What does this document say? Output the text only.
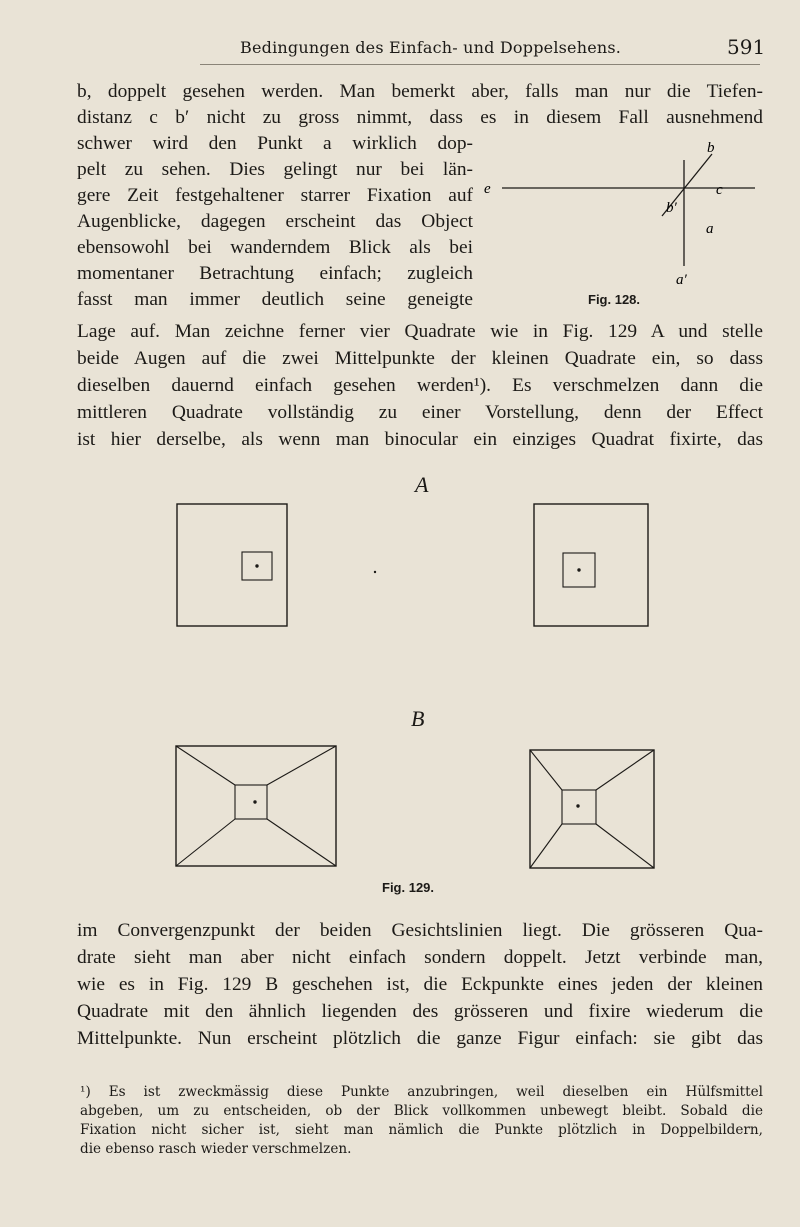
Bedingungen des Einfach- und Doppelsehens.	591
b, doppelt gesehen werden. Man bemerkt aber, falls man nur die Tiefen-
distanz c b′ nicht zu gross nimmt, dass es in diesem Fall ausnehmend
schwer wird den Punkt a wirklich dop-
pelt zu sehen. Dies gelingt nur bei län-
gere Zeit festgehaltener starrer Fixation auf
Augenblicke, dagegen erscheint das Object
ebensowohl bei wanderndem Blick als bei
momentaner Betrachtung einfach; zugleich
fasst man immer deutlich seine geneigte
Lage auf. Man zeichne ferner vier Quadrate wie in Fig. 129 A und stelle
beide Augen auf die zwei Mittelpunkte der kleinen Quadrate ein, so dass
dieselben dauernd einfach gesehen werden¹). Es verschmelzen dann die
mittleren Quadrate vollständig zu einer Vorstellung, denn der Effect
ist hier derselbe, als wenn man binocular ein einziges Quadrat fixirte, das
b
e	c
b′
a
a′
Fig. 128.
A
B
Fig. 129.
im Convergenzpunkt der beiden Gesichtslinien liegt. Die grösseren Qua-
drate sieht man aber nicht einfach sondern doppelt. Jetzt verbinde man,
wie es in Fig. 129 B geschehen ist, die Eckpunkte eines jeden der kleinen
Quadrate mit den ähnlich liegenden des grösseren und fixire wiederum die
Mittelpunkte. Nun erscheint plötzlich die ganze Figur einfach: sie gibt das
¹) Es ist zweckmässig diese Punkte anzubringen, weil dieselben ein Hülfsmittel
abgeben, um zu entscheiden, ob der Blick vollkommen unbewegt bleibt. Sobald die
Fixation nicht sicher ist, sieht man nämlich die Punkte plötzlich in Doppelbildern,
die ebenso rasch wieder verschmelzen.
